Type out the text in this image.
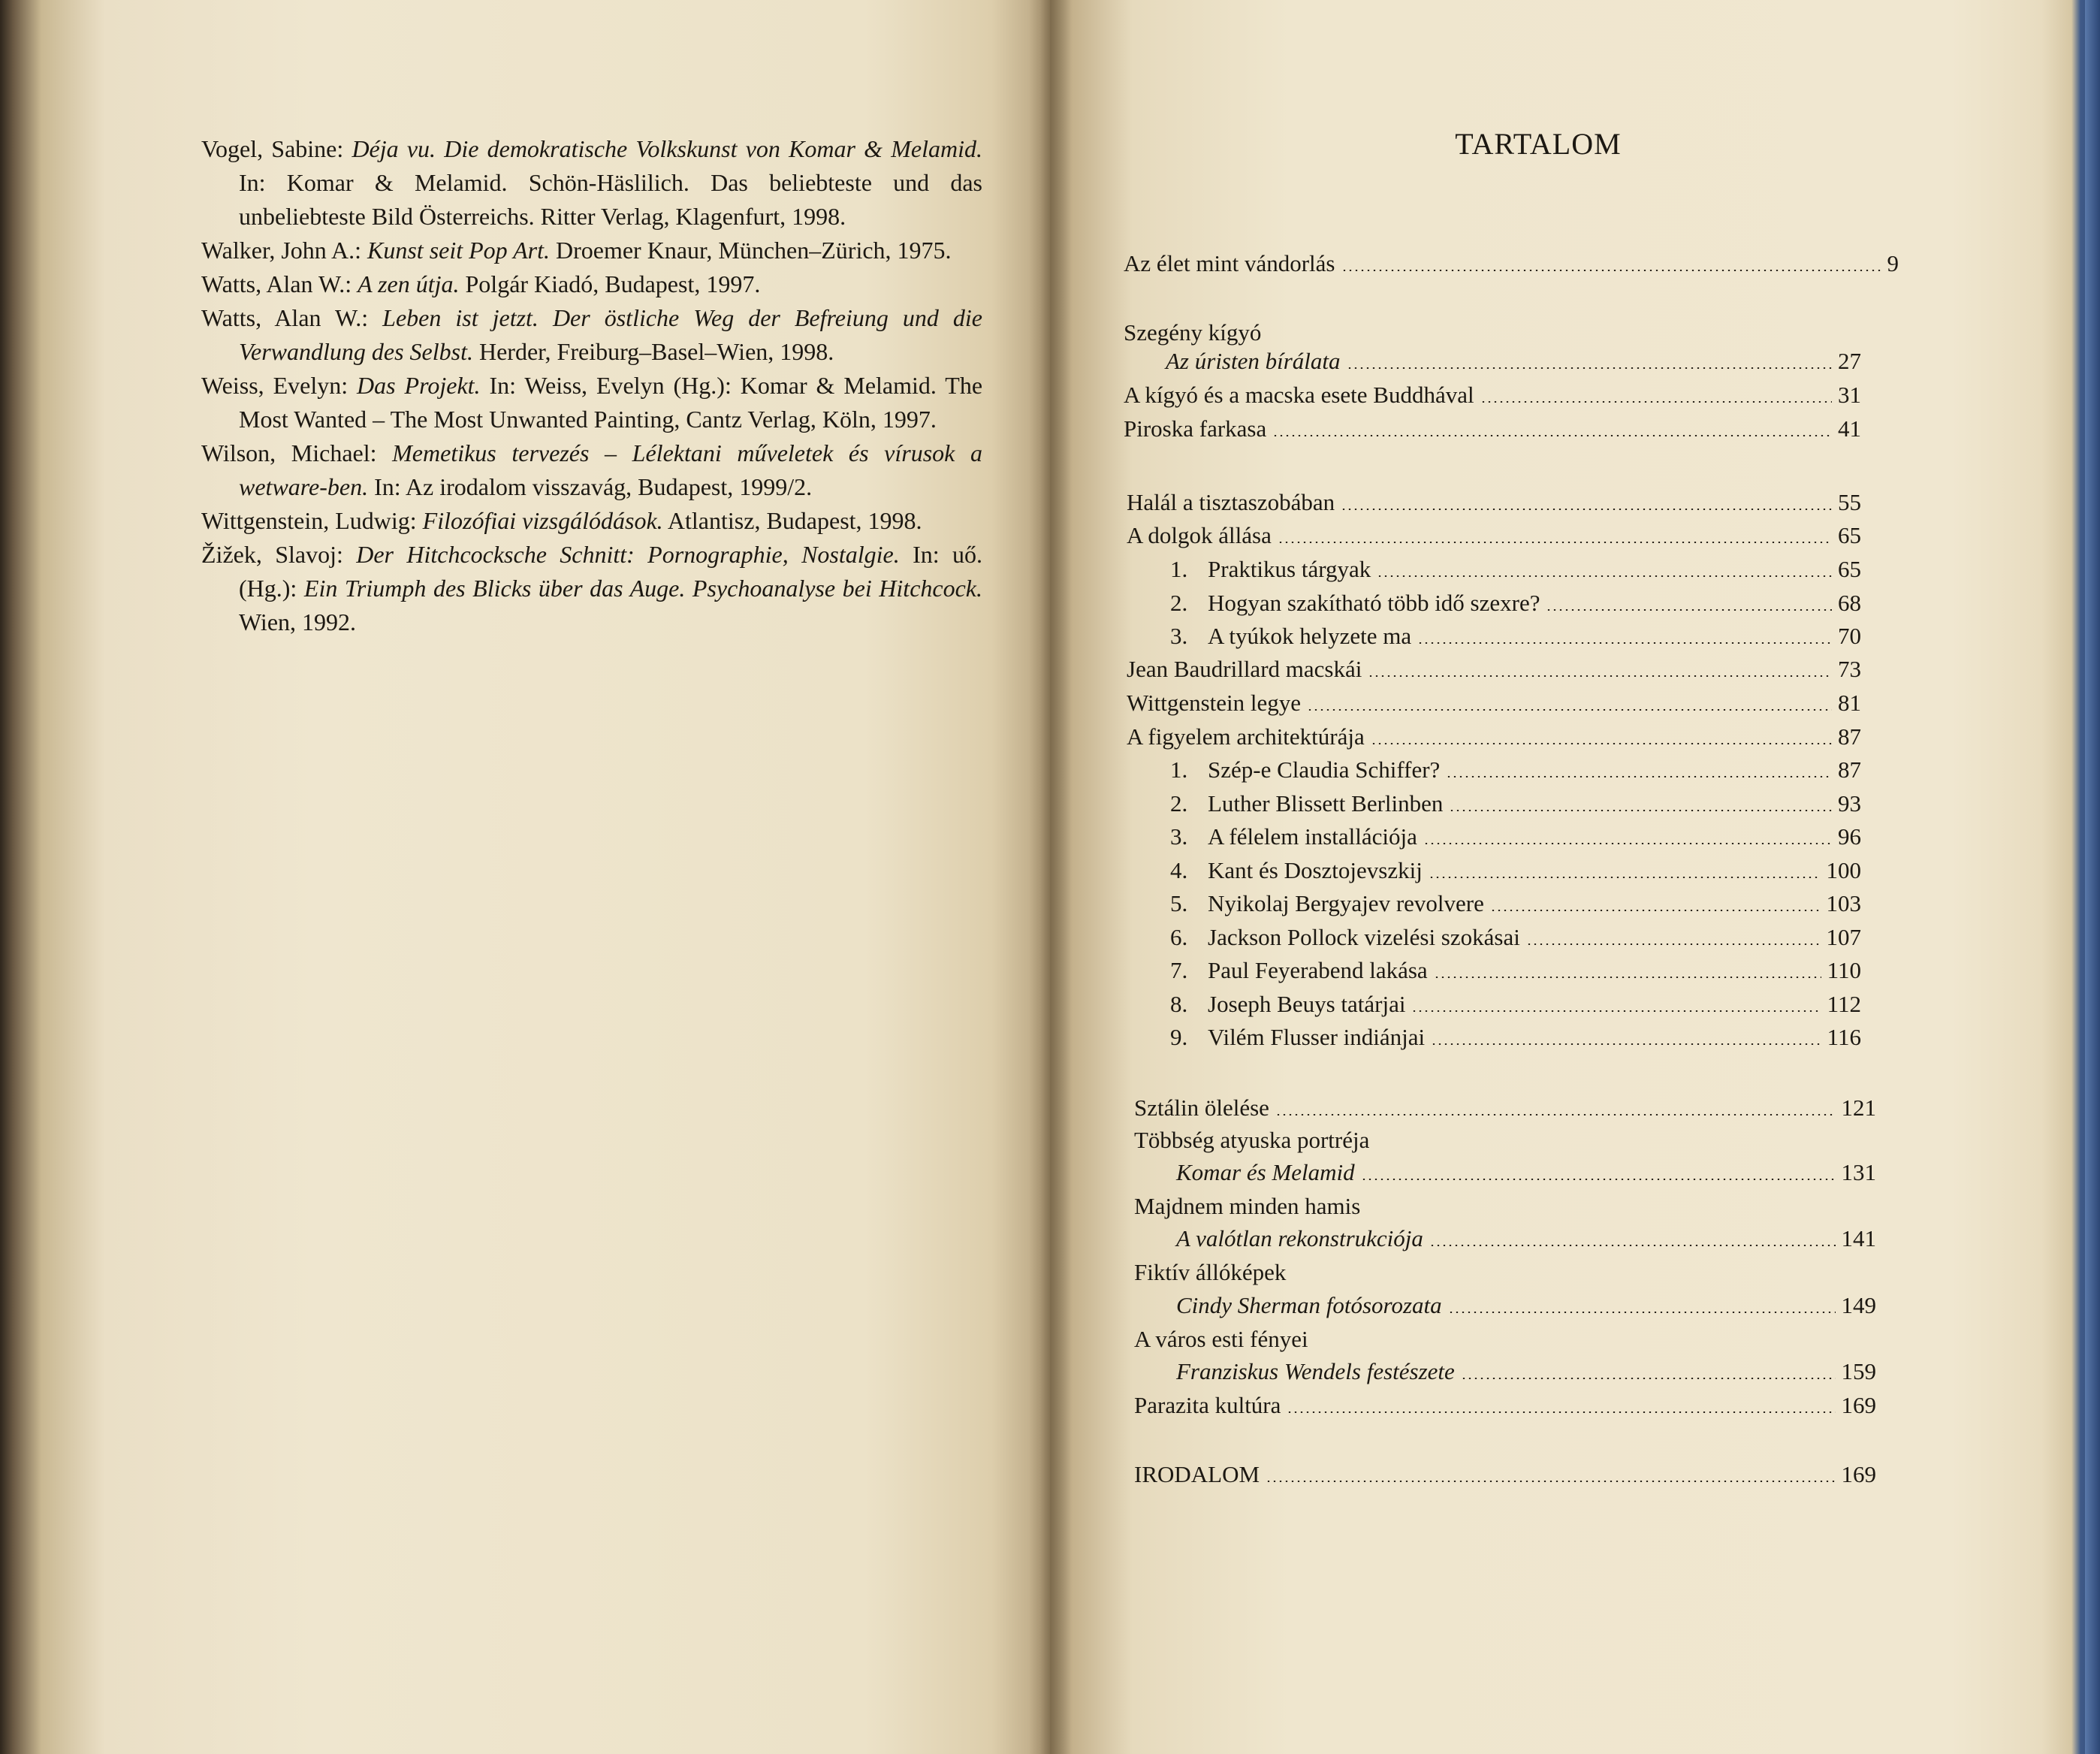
Vogel, Sabine: Déja vu. Die demokratische Volkskunst von Komar & Melamid. In: Komar & Melamid. Schön-Häslilich. Das beliebteste und das unbeliebteste Bild Österreichs. Ritter Verlag, Klagenfurt, 1998.

Walker, John A.: Kunst seit Pop Art. Droemer Knaur, München–Zürich, 1975.

Watts, Alan W.: A zen útja. Polgár Kiadó, Budapest, 1997.

Watts, Alan W.: Leben ist jetzt. Der östliche Weg der Befreiung und die Verwandlung des Selbst. Herder, Freiburg–Basel–Wien, 1998.

Weiss, Evelyn: Das Projekt. In: Weiss, Evelyn (Hg.): Komar & Melamid. The Most Wanted – The Most Unwanted Painting, Cantz Verlag, Köln, 1997.

Wilson, Michael: Memetikus tervezés – Lélektani műveletek és vírusok a wetware-ben. In: Az irodalom visszavág, Budapest, 1999/2.

Wittgenstein, Ludwig: Filozófiai vizsgálódások. Atlantisz, Budapest, 1998.

Žižek, Slavoj: Der Hitchcocksche Schnitt: Pornographie, Nostalgie. In: uő. (Hg.): Ein Triumph des Blicks über das Auge. Psychoanalyse bei Hitchcock. Wien, 1992.

TARTALOM
Az élet mint vándorlás	9
Szegény kígyó
Az úristen bírálata	27
A kígyó és a macska esete Buddhával	31
Piroska farkasa	41
Halál a tisztaszobában	55
A dolgok állása	65
1. Praktikus tárgyak	65
2. Hogyan szakítható több idő szexre?	68
3. A tyúkok helyzete ma	70
Jean Baudrillard macskái	73
Wittgenstein legye	81
A figyelem architektúrája	87
1. Szép-e Claudia Schiffer?	87
2. Luther Blissett Berlinben	93
3. A félelem installációja	96
4. Kant és Dosztojevszkij	100
5. Nyikolaj Bergyajev revolvere	103
6. Jackson Pollock vizelési szokásai	107
7. Paul Feyerabend lakása	110
8. Joseph Beuys tatárjai	112
9. Vilém Flusser indiánjai	116
Sztálin ölelése	121
Többség atyuska portréja
Komar és Melamid	131
Majdnem minden hamis
A valótlan rekonstrukciója	141
Fiktív állóképek
Cindy Sherman fotósorozata	149
A város esti fényei
Franziskus Wendels festészete	159
Parazita kultúra	169
IRODALOM	169
